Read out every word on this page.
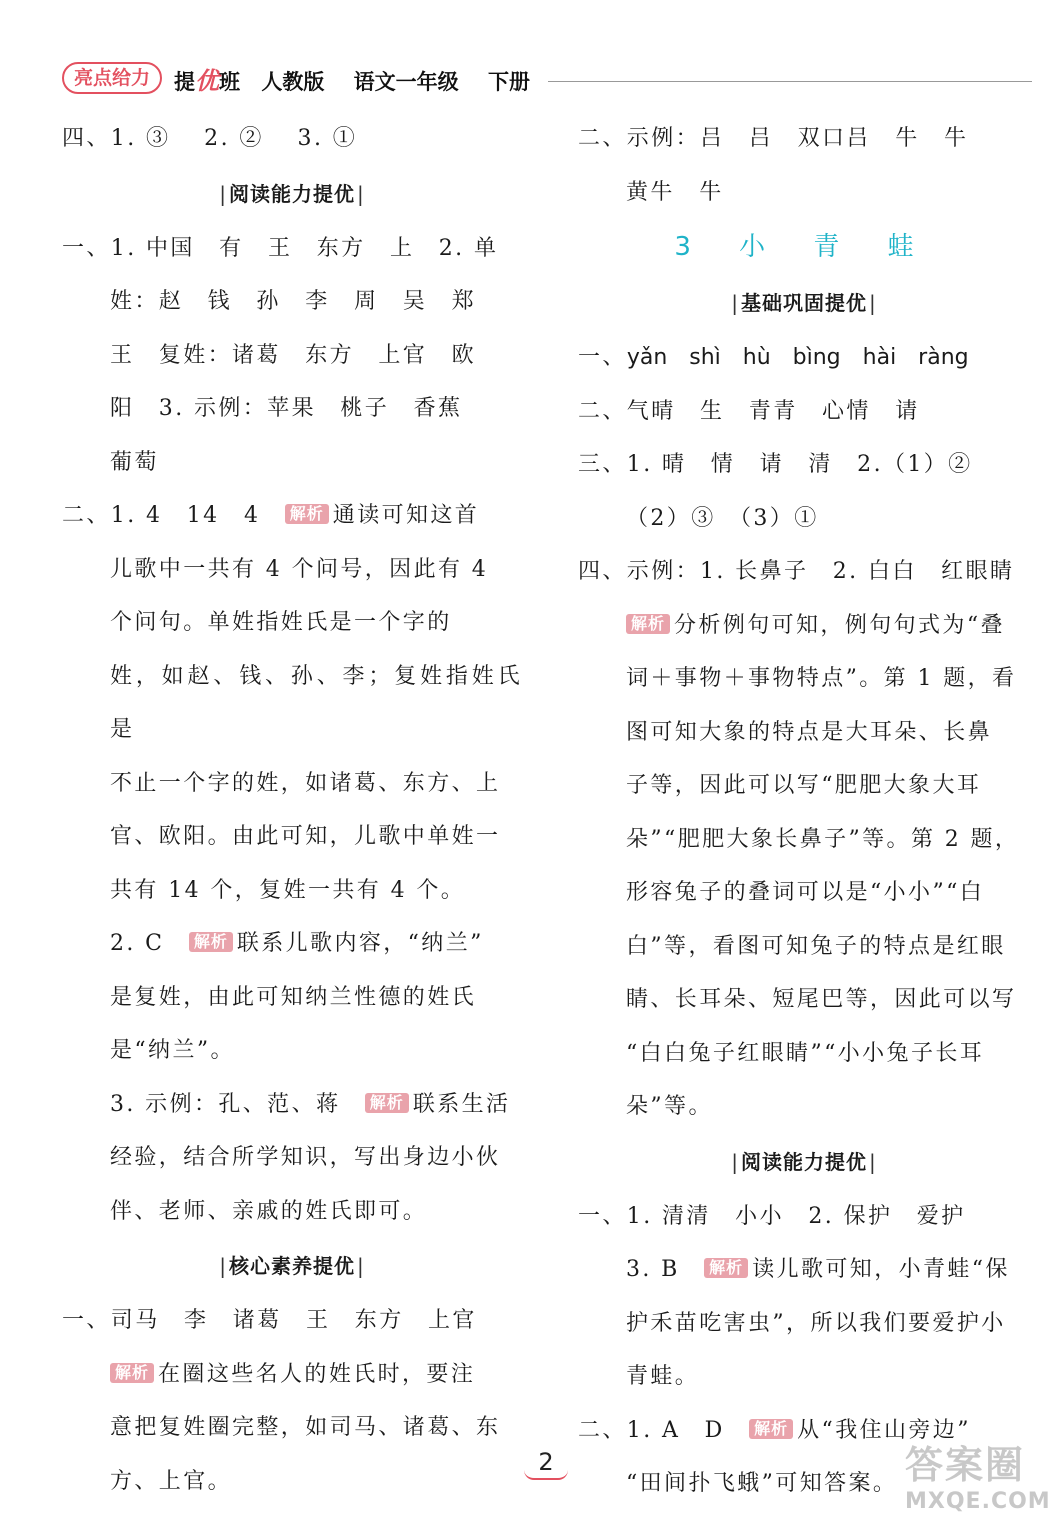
亮点给力	提优班 人教版 语文一年级 下册

四、1. ③　 2. ②　 3. ①

| 阅读能力提优 |

一、1. 中国　有　王　东方　上　2. 单

姓：赵　钱　孙　李　周　吴　郑

王　复姓：诸葛　东方　上官　欧

阳　3. 示例：苹果　桃子　香蕉

葡萄

二、1. 4　14　4　 解析 通读可知这首

儿歌中一共有 4 个问号，因此有 4

个问句。单姓指姓氏是一个字的

姓，如赵、钱、孙、李；复姓指姓氏是

不止一个字的姓，如诸葛、东方、上

官、欧阳。由此可知，儿歌中单姓一

共有 14 个，复姓一共有 4 个。

2. C　 解析 联系儿歌内容，“纳兰”

是复姓，由此可知纳兰性德的姓氏

是“纳兰”。

3. 示例：孔、范、蒋　 解析 联系生活

经验，结合所学知识，写出身边小伙

伴、老师、亲戚的姓氏即可。

| 核心素养提优 |

一、司马　李　诸葛　王　东方　上官

解析 在圈这些名人的姓氏时，要注

意把复姓圈完整，如司马、诸葛、东

方、上官。

二、示例：吕　吕　双口吕　牛　牛

黄牛　牛

3 小 青 蛙
| 基础巩固提优 |

一、yǎn　shì　hù　bìng　hài　ràng

二、气晴　生　青青　心情　请

三、1. 晴　情　请　清　2.（1）②

（2）③　（3）①

四、示例：1. 长鼻子　2. 白白　红眼睛

解析 分析例句可知，例句句式为“叠

词＋事物＋事物特点”。第 1 题，看

图可知大象的特点是大耳朵、长鼻

子等，因此可以写“肥肥大象大耳

朵”“肥肥大象长鼻子”等。第 2 题，

形容兔子的叠词可以是“小小”“白

白”等，看图可知兔子的特点是红眼

睛、长耳朵、短尾巴等，因此可以写

“白白兔子红眼睛”“小小兔子长耳

朵”等。

| 阅读能力提优 |

一、1. 清清　小小　2. 保护　爱护

3. B　 解析 读儿歌可知，小青蛙“保

护禾苗吃害虫”，所以我们要爱护小

青蛙。

二、1. A　D　 解析 从“我住山旁边”

“田间扑飞蛾”可知答案。

2	答案圈
MXQE.COM
